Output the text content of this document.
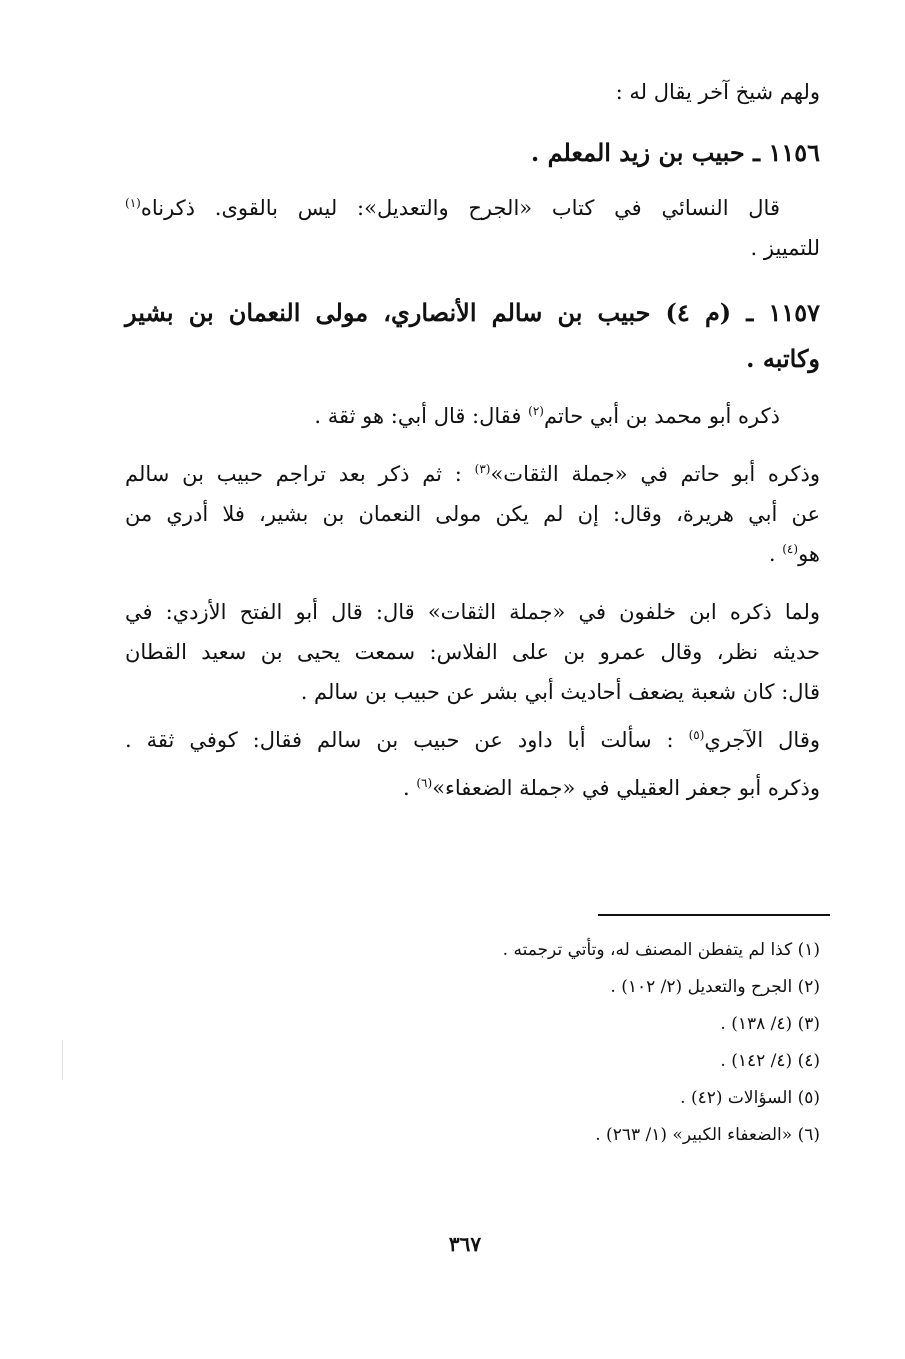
ولهم شيخ آخر يقال له :
١١٥٦ ـ حبيب بن زيد المعلم .
قال النسائي في كتاب «الجرح والتعديل»: ليس بالقوى. ذكرناه$^{(١)}$
للتمييز .
١١٥٧ ـ (م ٤) حبيب بن سالم الأنصاري، مولى النعمان بن بشير
وكاتبه .
ذكره أبو محمد بن أبي حاتم$^{(٢)}$ فقال: قال أبي: هو ثقة .
وذكره أبو حاتم في «جملة الثقات»$^{(٣)}$ : ثم ذكر بعد تراجم حبيب بن سالم
عن أبي هريرة، وقال: إن لم يكن مولى النعمان بن بشير، فلا أدري من
هو$^{(٤)}$ .
ولما ذكره ابن خلفون في «جملة الثقات» قال: قال أبو الفتح الأزدي: في
حديثه نظر، وقال عمرو بن على الفلاس: سمعت يحيى بن سعيد القطان
قال: كان شعبة يضعف أحاديث أبي بشر عن حبيب بن سالم .
وقال الآجري$^{(٥)}$ : سألت أبا داود عن حبيب بن سالم فقال: كوفي ثقة .
وذكره أبو جعفر العقيلي في «جملة الضعفاء»$^{(٦)}$ .
(١) كذا لم يتفطن المصنف له، وتأتي ترجمته .
(٢) الجرح والتعديل (٢/ ١٠٢) .
(٣) (٤/ ١٣٨) .
(٤) (٤/ ١٤٢) .
(٥) السؤالات (٤٢) .
(٦) «الضعفاء الكبير» (١/ ٢٦٣) .
٣٦٧
